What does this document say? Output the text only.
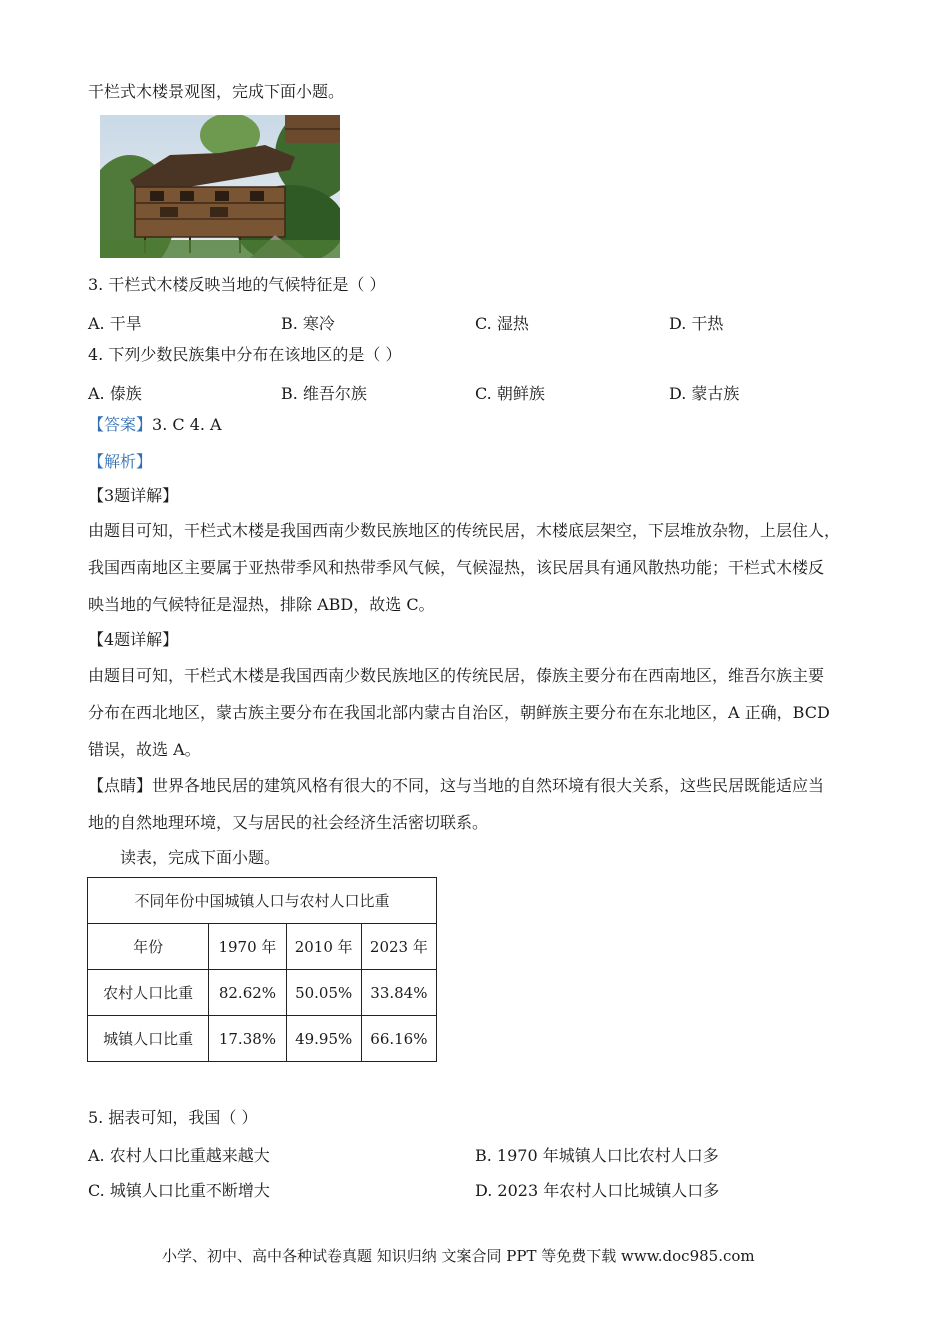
干栏式木楼景观图，完成下面小题。
3. 干栏式木楼反映当地的气候特征是（ ）
A. 干旱	B. 寒冷	C. 湿热	D. 干热
4. 下列少数民族集中分布在该地区的是（ ）
A. 傣族	B. 维吾尔族	C. 朝鲜族	D. 蒙古族
【答案】3. C 4. A
【解析】
【3题详解】
由题目可知，干栏式木楼是我国西南少数民族地区的传统民居，木楼底层架空，下层堆放杂物，上层住人，
我国西南地区主要属于亚热带季风和热带季风气候，气候湿热，该民居具有通风散热功能；干栏式木楼反
映当地的气候特征是湿热，排除 ABD，故选 C。
【4题详解】
由题目可知，干栏式木楼是我国西南少数民族地区的传统民居，傣族主要分布在西南地区，维吾尔族主要
分布在西北地区，蒙古族主要分布在我国北部内蒙古自治区，朝鲜族主要分布在东北地区，A 正确，BCD
错误，故选 A。
【点睛】世界各地民居的建筑风格有很大的不同，这与当地的自然环境有很大关系，这些民居既能适应当
地的自然地理环境，又与居民的社会经济生活密切联系。
读表，完成下面小题。
不同年份中国城镇人口与农村人口比重			
年份	1970 年	2010 年	2023 年
农村人口比重	82.62%	50.05%	33.84%
城镇人口比重	17.38%	49.95%	66.16%
5. 据表可知，我国（ ）
A. 农村人口比重越来越大	B. 1970 年城镇人口比农村人口多
C. 城镇人口比重不断增大	D. 2023 年农村人口比城镇人口多
小学、初中、高中各种试卷真题 知识归纳 文案合同 PPT 等免费下载 www.doc985.com
